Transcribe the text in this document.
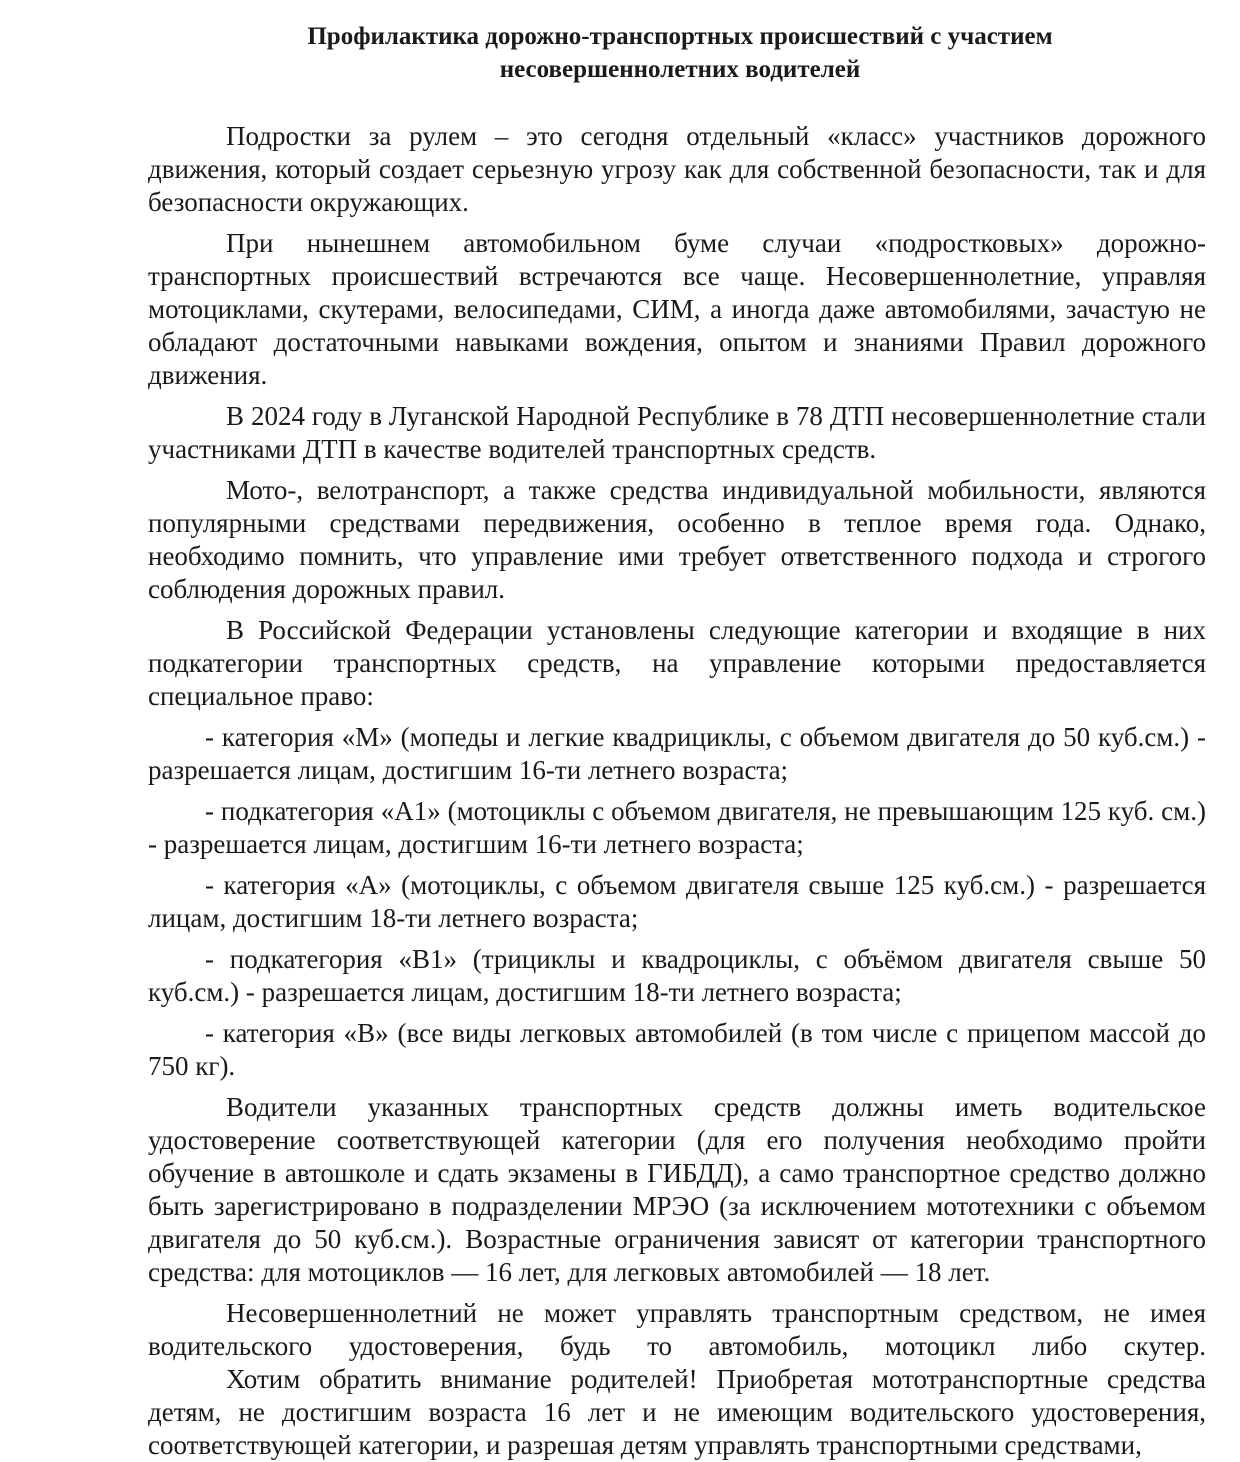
Профилактика дорожно-транспортных происшествий с участием
несовершеннолетних водителей

Подростки за рулем – это сегодня отдельный «класс» участников дорожного движения, который создает серьезную угрозу как для собственной безопасности, так и для безопасности окружающих.

При нынешнем автомобильном буме случаи «подростковых» дорожно-транспортных происшествий встречаются все чаще. Несовершеннолетние, управляя мотоциклами, скутерами, велосипедами, СИМ, а иногда даже автомобилями, зачастую не обладают достаточными навыками вождения, опытом и знаниями Правил дорожного движения.

В 2024 году в Луганской Народной Республике в 78 ДТП несовершеннолетние стали участниками ДТП в качестве водителей транспортных средств.

Мото-, велотранспорт, а также средства индивидуальной мобильности, являются популярными средствами передвижения, особенно в теплое время года. Однако, необходимо помнить, что управление ими требует ответственного подхода и строгого соблюдения дорожных правил.

В Российской Федерации установлены следующие категории и входящие в них подкатегории транспортных средств, на управление которыми предоставляется специальное право:

- категория «М» (мопеды и легкие квадрициклы, с объемом двигателя до 50 куб.см.) - разрешается лицам, достигшим 16-ти летнего возраста;

- подкатегория «А1» (мотоциклы с объемом двигателя, не превышающим 125 куб. см.) - разрешается лицам, достигшим 16-ти летнего возраста;

- категория «А» (мотоциклы, с объемом двигателя свыше 125 куб.см.) - разрешается лицам, достигшим 18-ти летнего возраста;

- подкатегория «В1» (трициклы и квадроциклы, с объёмом двигателя свыше 50 куб.см.) - разрешается лицам, достигшим 18-ти летнего возраста;

- категория «В» (все виды легковых автомобилей (в том числе с прицепом массой до 750 кг).

Водители указанных транспортных средств должны иметь водительское удостоверение соответствующей категории (для его получения необходимо пройти обучение в автошколе и сдать экзамены в ГИБДД), а само транспортное средство должно быть зарегистрировано в подразделении МРЭО (за исключением мототехники с объемом двигателя до 50 куб.см.). Возрастные ограничения зависят от категории транспортного средства: для мотоциклов — 16 лет, для легковых автомобилей — 18 лет.

Несовершеннолетний не может управлять транспортным средством, не имея водительского удостоверения, будь то автомобиль, мотоцикл либо скутер.

Хотим обратить внимание родителей! Приобретая мототранспортные средства детям, не достигшим возраста 16 лет и не имеющим водительского удостоверения, соответствующей категории, и разрешая детям управлять транспортными средствами,
